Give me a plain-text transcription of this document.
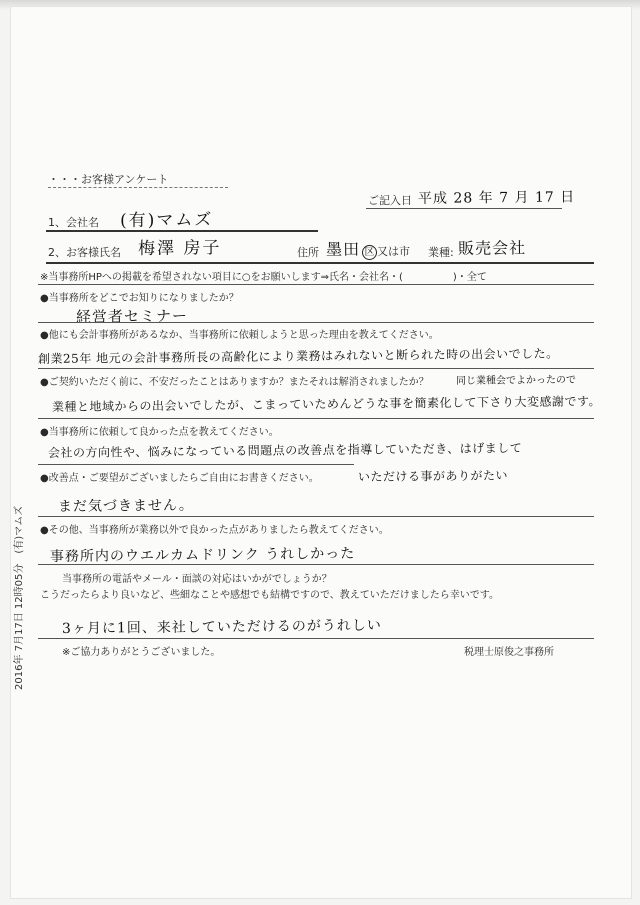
・・・お客様アンケート
ご記入日 平成 28 年 7 月 17 日
1、会社名 (有)マムズ
2、お客様氏名 梅澤 房子	住所 墨田 区 又は市 業種: 販売会社
※当事務所HPへの掲載を希望されない項目に○をお願いします⇒氏名・会社名・(　　　　　)・全て
●当事務所をどこでお知りになりましたか？
経営者セミナー
●他にも会計事務所があるなか、当事務所に依頼しようと思った理由を教えてください。
創業25年 地元の会計事務所長の高齢化により業務はみれないと断られた時の出会いでした。
●ご契約いただく前に、不安だったことはありますか？またそれは解消されましたか？	同じ業種会でよかったので
業種と地域からの出会いでしたが、こまっていためんどうな事を簡素化して下さり大変感謝です。
●当事務所に依頼して良かった点を教えてください。
会社の方向性や、悩みになっている問題点の改善点を指導していただき、はげまして
いただける事がありがたい
●改善点・ご要望がございましたらご自由にお書きください。
まだ気づきません。
●その他、当事務所が業務以外で良かった点がありましたら教えてください。
事務所内のウエルカムドリンク うれしかった
当事務所の電話やメール・面談の対応はいかがでしょうか？
こうだったらより良いなど、些細なことや感想でも結構ですので、教えていただけましたら幸いです。
3ヶ月に1回、来社していただけるのがうれしい
※ご協力ありがとうございました。	税理士原俊之事務所
2016年 7月17日 12時05分　(有)マムズ
